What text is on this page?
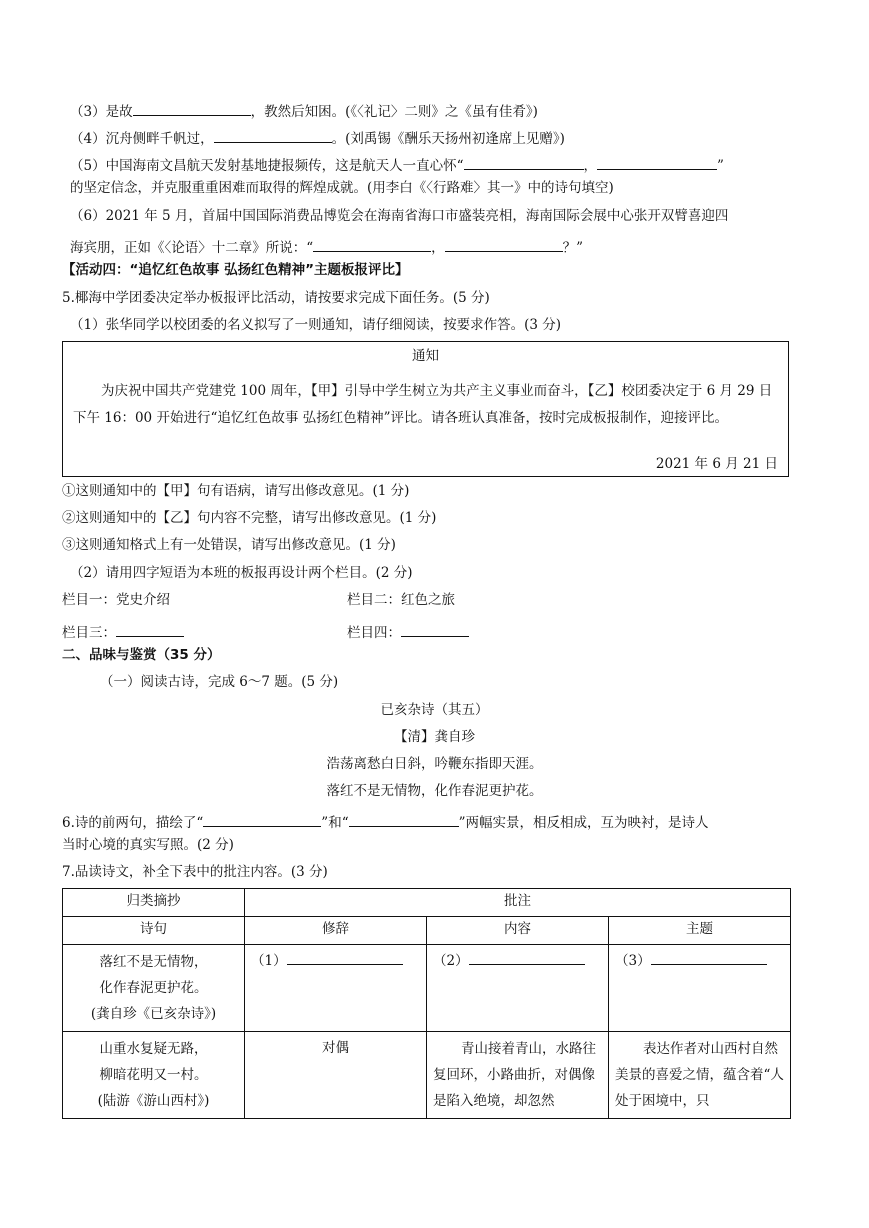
（3）是故	，教然后知困。(《〈礼记〉二则》之《虽有佳肴》)
（4）沉舟侧畔千帆过，	。(刘禹锡《酬乐天扬州初逢席上见赠》)
（5）中国海南文昌航天发射基地捷报频传，这是航天人一直心怀“	，	”
的坚定信念，并克服重重困难而取得的辉煌成就。(用李白《〈行路难〉其一》中的诗句填空)
（6）2021 年 5 月，首届中国国际消费品博览会在海南省海口市盛装亮相，海南国际会展中心张开双臂喜迎四
海宾朋，正如《〈论语〉十二章》所说：“	，	？”
【活动四：“追忆红色故事 弘扬红色精神”主题板报评比】
5.椰海中学团委决定举办板报评比活动，请按要求完成下面任务。(5 分)
（1）张华同学以校团委的名义拟写了一则通知，请仔细阅读，按要求作答。(3 分)
通知
为庆祝中国共产党建党 100 周年，【甲】引导中学生树立为共产主义事业而奋斗，【乙】校团委决定于 6 月 29 日下午 16：00 开始进行“追忆红色故事 弘扬红色精神”评比。请各班认真准备，按时完成板报制作，迎接评比。
2021 年 6 月 21 日
①这则通知中的【甲】句有语病，请写出修改意见。(1 分)
②这则通知中的【乙】句内容不完整，请写出修改意见。(1 分)
③这则通知格式上有一处错误，请写出修改意见。(1 分)
（2）请用四字短语为本班的板报再设计两个栏目。(2 分)
栏目一：党史介绍	栏目二：红色之旅
栏目三：	栏目四：
二、品味与鉴赏（35 分）
（一）阅读古诗，完成 6～7 题。(5 分)
已亥杂诗（其五）
【清】龚自珍
浩荡离愁白日斜，吟鞭东指即天涯。
落红不是无情物，化作春泥更护花。
6.诗的前两句，描绘了“	”和“	”两幅实景，相反相成，互为映衬，是诗人
当时心境的真实写照。(2 分)
7.品读诗文，补全下表中的批注内容。(3 分)
归类摘抄	批注		
诗句	修辞	内容	主题

落红不是无情物，
化作春泥更护花。
(龚自珍《已亥杂诗》)	（1）	（2）	（3）

山重水复疑无路，
柳暗花明又一村。
(陆游《游山西村》)	对偶	青山接着青山，水路往复回环，小路曲折，对偶像是陷入绝境，却忽然	表达作者对山西村自然美景的喜爱之情，蕴含着“人处于困境中，只
